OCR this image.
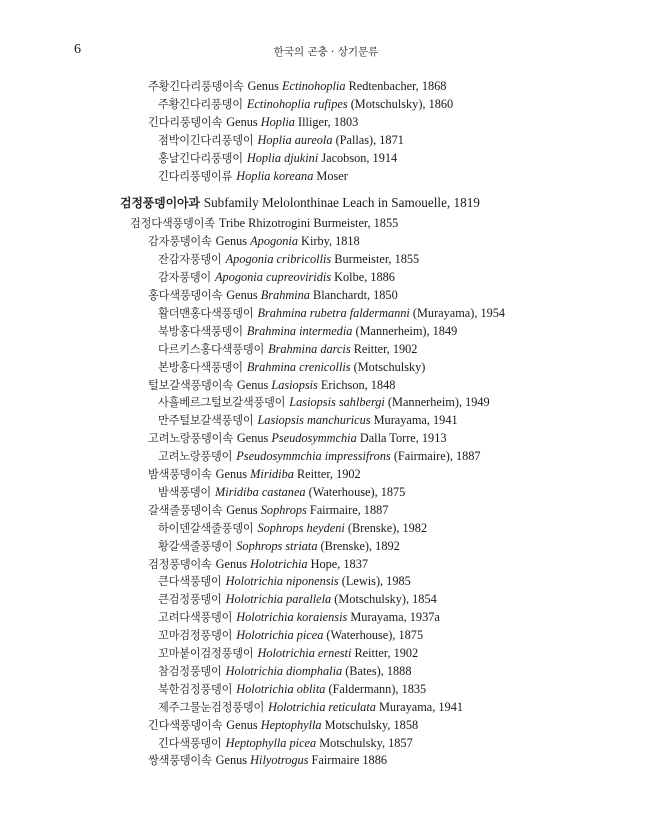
6	한국의 곤충 · 상기문류
주황긴다리풍뎅이속 Genus Ectinohoplia Redtenbacher, 1868
주황긴다리풍뎅이 Ectinohoplia rufipes (Motschulsky), 1860
긴다리풍뎅이속 Genus Hoplia Illiger, 1803
점박이긴다리풍뎅이 Hoplia aureola (Pallas), 1871
홍날긴다리풍뎅이 Hoplia djukini Jacobson, 1914
긴다리풍뎅이류 Hoplia koreana Moser
검정풍뎅이아과 Subfamily Melolonthinae Leach in Samouelle, 1819
검정다색풍뎅이족 Tribe Rhizotrogini Burmeister, 1855
감자풍뎅이속 Genus Apogonia Kirby, 1818
잔감자풍뎅이 Apogonia cribricollis Burmeister, 1855
감자풍뎅이 Apogonia cupreoviridis Kolbe, 1886
홍다색풍뎅이속 Genus Brahmina Blanchardt, 1850
활더맨홍다색풍뎅이 Brahmina rubetra faldermanni (Murayama), 1954
북방홍다색풍뎅이 Brahmina intermedia (Mannerheim), 1849
다르키스홍다색풍뎅이 Brahmina darcis Reitter, 1902
본방홍다색풍뎅이 Brahmina crenicollis (Motschulsky)
털보갈색풍뎅이속 Genus Lasiopsis Erichson, 1848
사흘베르그털보갈색풍뎅이 Lasiopsis sahlbergi (Mannerheim), 1949
만주털보갈색풍뎅이 Lasiopsis manchuricus Murayama, 1941
고려노랑풍뎅이속 Genus Pseudosymmchia Dalla Torre, 1913
고려노랑풍뎅이 Pseudosymmchia impressifrons (Fairmaire), 1887
밤색풍뎅이속 Genus Miridiba Reitter, 1902
밤색풍뎅이 Miridiba castanea (Waterhouse), 1875
갈색줄풍뎅이속 Genus Sophrops Fairmaire, 1887
하이덴갈색줄풍뎅이 Sophrops heydeni (Brenske), 1982
황갈색줄풍뎅이 Sophrops striata (Brenske), 1892
검정풍뎅이속 Genus Holotrichia Hope, 1837
큰다색풍뎅이 Holotrichia niponensis (Lewis), 1985
큰검정풍뎅이 Holotrichia parallela (Motschulsky), 1854
고려다색풍뎅이 Holotrichia koraiensis Murayama, 1937a
꼬마검정풍뎅이 Holotrichia picea (Waterhouse), 1875
꼬마붙이검정풍뎅이 Holotrichia ernesti Reitter, 1902
참검정풍뎅이 Holotrichia diomphalia (Bates), 1888
북한검정풍뎅이 Holotrichia oblita (Faldermann), 1835
제주그물눈검정풍뎅이 Holotrichia reticulata Murayama, 1941
긴다색풍뎅이속 Genus Heptophylla Motschulsky, 1858
긴다색풍뎅이 Heptophylla picea Motschulsky, 1857
쌍색풍뎅이속 Genus Hilyotrogus Fairmaire 1886
